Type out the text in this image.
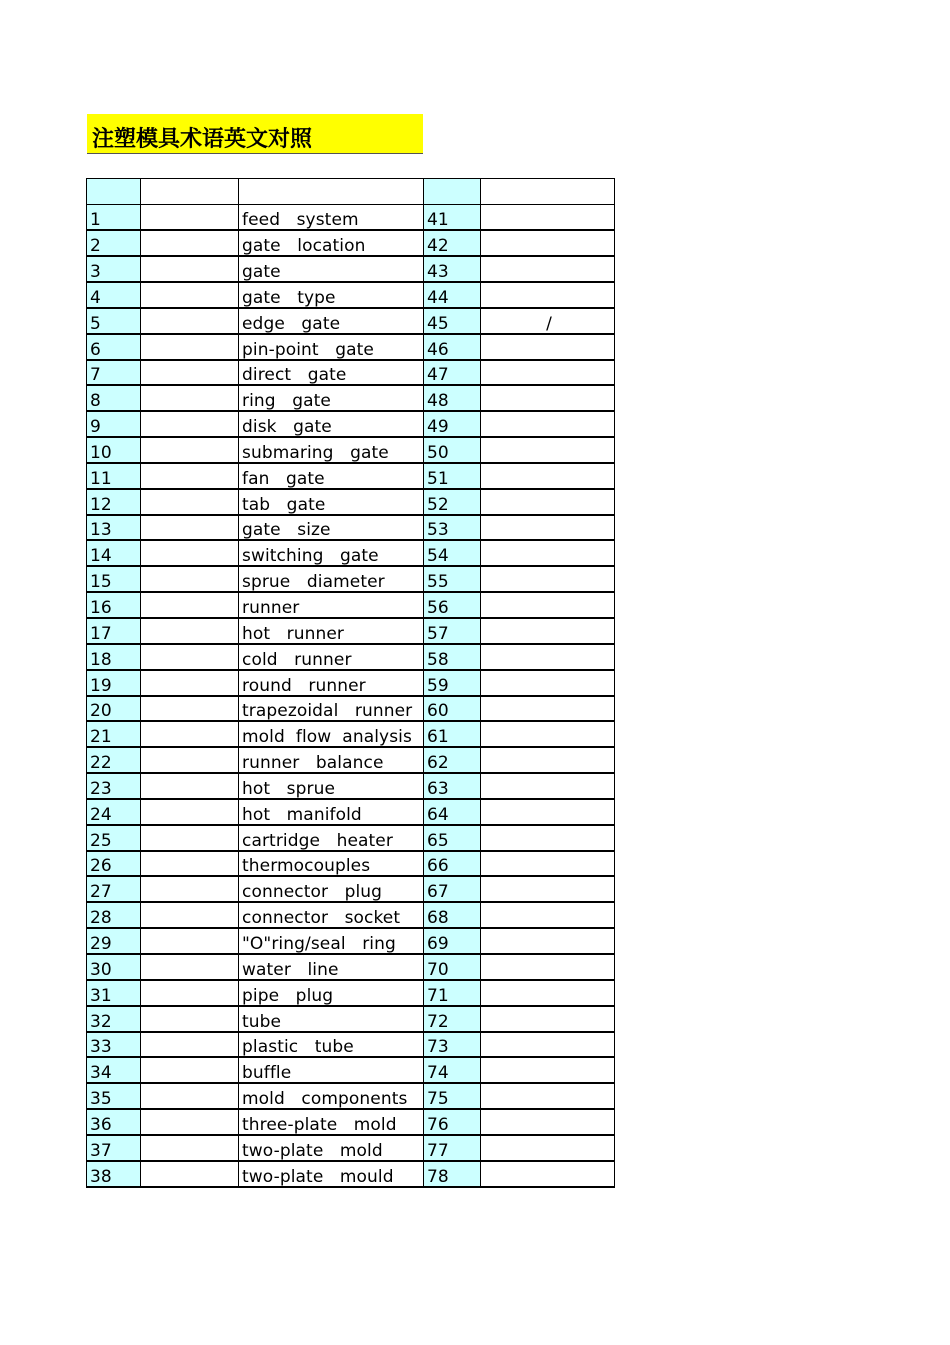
注塑模具术语英文对照

1		feed   system	41	
2		gate   location	42	
3		gate	43	
4		gate   type	44	
5		edge   gate	45	/
6		pin-point   gate	46	
7		direct   gate	47	
8		ring   gate	48	
9		disk   gate	49	
10		submaring   gate	50	
11		fan   gate	51	
12		tab   gate	52	
13		gate   size	53	
14		switching   gate	54	
15		sprue   diameter	55	
16		runner	56	
17		hot   runner	57	
18		cold   runner	58	
19		round   runner	59	
20		trapezoidal   runner	60	
21		mold  flow  analysis	61	
22		runner   balance	62	
23		hot   sprue	63	
24		hot   manifold	64	
25		cartridge   heater	65	
26		thermocouples	66	
27		connector   plug	67	
28		connector   socket	68	
29		"O"ring/seal   ring	69	
30		water   line	70	
31		pipe   plug	71	
32		tube	72	
33		plastic   tube	73	
34		buffle	74	
35		mold   components	75	
36		three-plate   mold	76	
37		two-plate   mold	77	
38		two-plate   mould	78	
